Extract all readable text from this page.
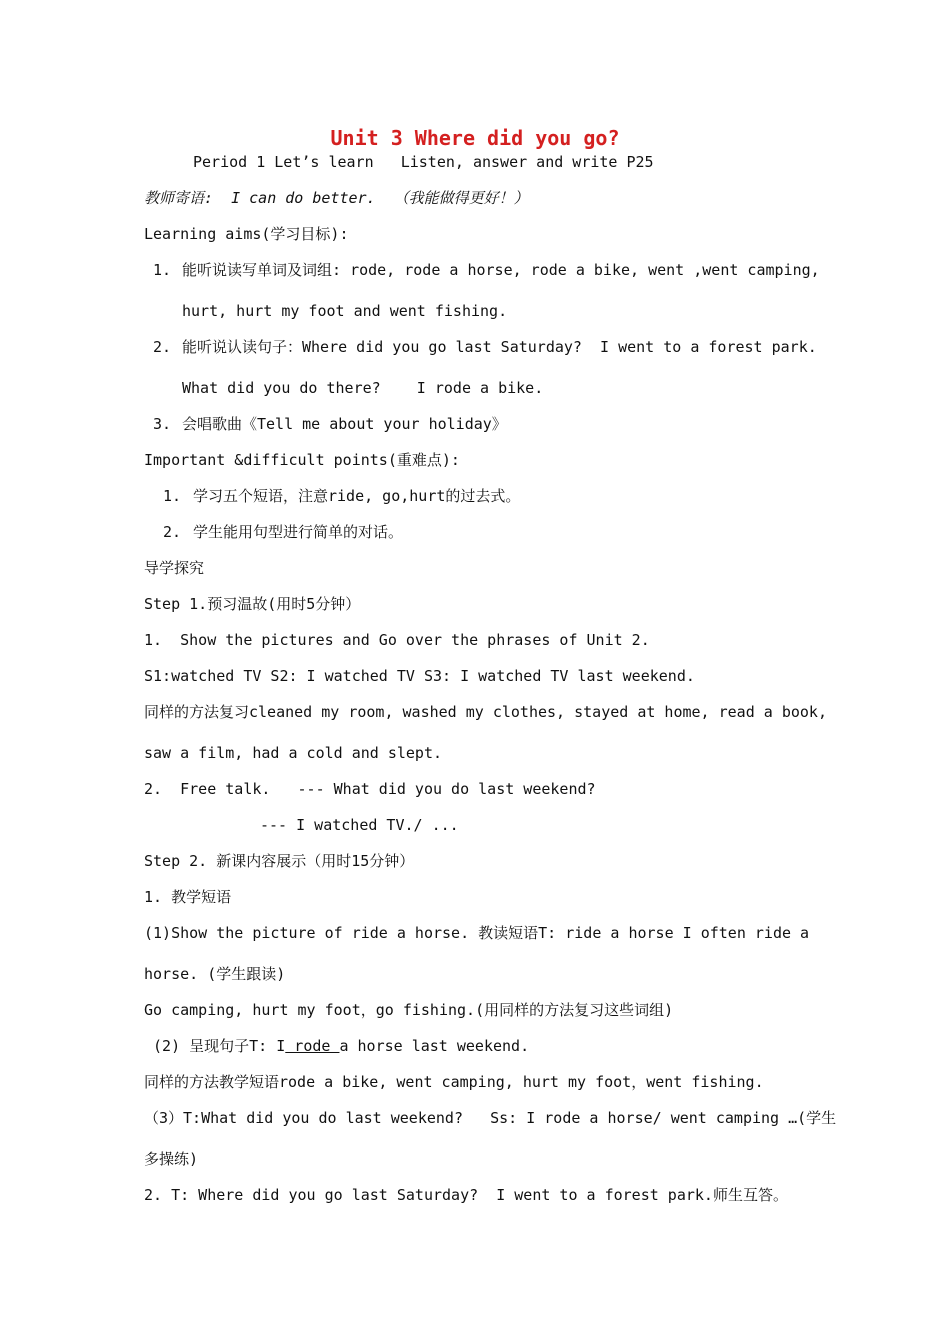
Unit 3 Where did you go?
Period 1 Let’s learn   Listen, answer and write P25
教师寄语:  I can do better.  （我能做得更好！）
Learning aims(学习目标):
1. 能听说读写单词及词组: rode, rode a horse, rode a bike, went ,went camping,
hurt, hurt my foot and went fishing.
2. 能听说认读句子：Where did you go last Saturday?  I went to a forest park.
What did you do there?    I rode a bike.
3. 会唱歌曲《Tell me about your holiday》
Important &difficult points(重难点):
1. 学习五个短语，注意ride, go,hurt的过去式。
2. 学生能用句型进行简单的对话。
导学探究
Step 1.预习温故(用时5分钟）
1.  Show the pictures and Go over the phrases of Unit 2.
S1:watched TV S2: I watched TV S3: I watched TV last weekend.
同样的方法复习cleaned my room, washed my clothes, stayed at home, read a book,
saw a film, had a cold and slept.
2.  Free talk.   --- What did you do last weekend?
--- I watched TV./ ...
Step 2. 新课内容展示（用时15分钟）
1. 教学短语
(1)Show the picture of ride a horse. 教读短语T: ride a horse I often ride a
horse. (学生跟读)
Go camping, hurt my foot，go fishing.(用同样的方法复习这些词组)
(2) 呈现句子T: I rode a horse last weekend.
同样的方法教学短语rode a bike, went camping, hurt my foot，went fishing.
（3）T:What did you do last weekend?   Ss: I rode a horse/ went camping …(学生
多操练)
2. T: Where did you go last Saturday?  I went to a forest park.师生互答。
